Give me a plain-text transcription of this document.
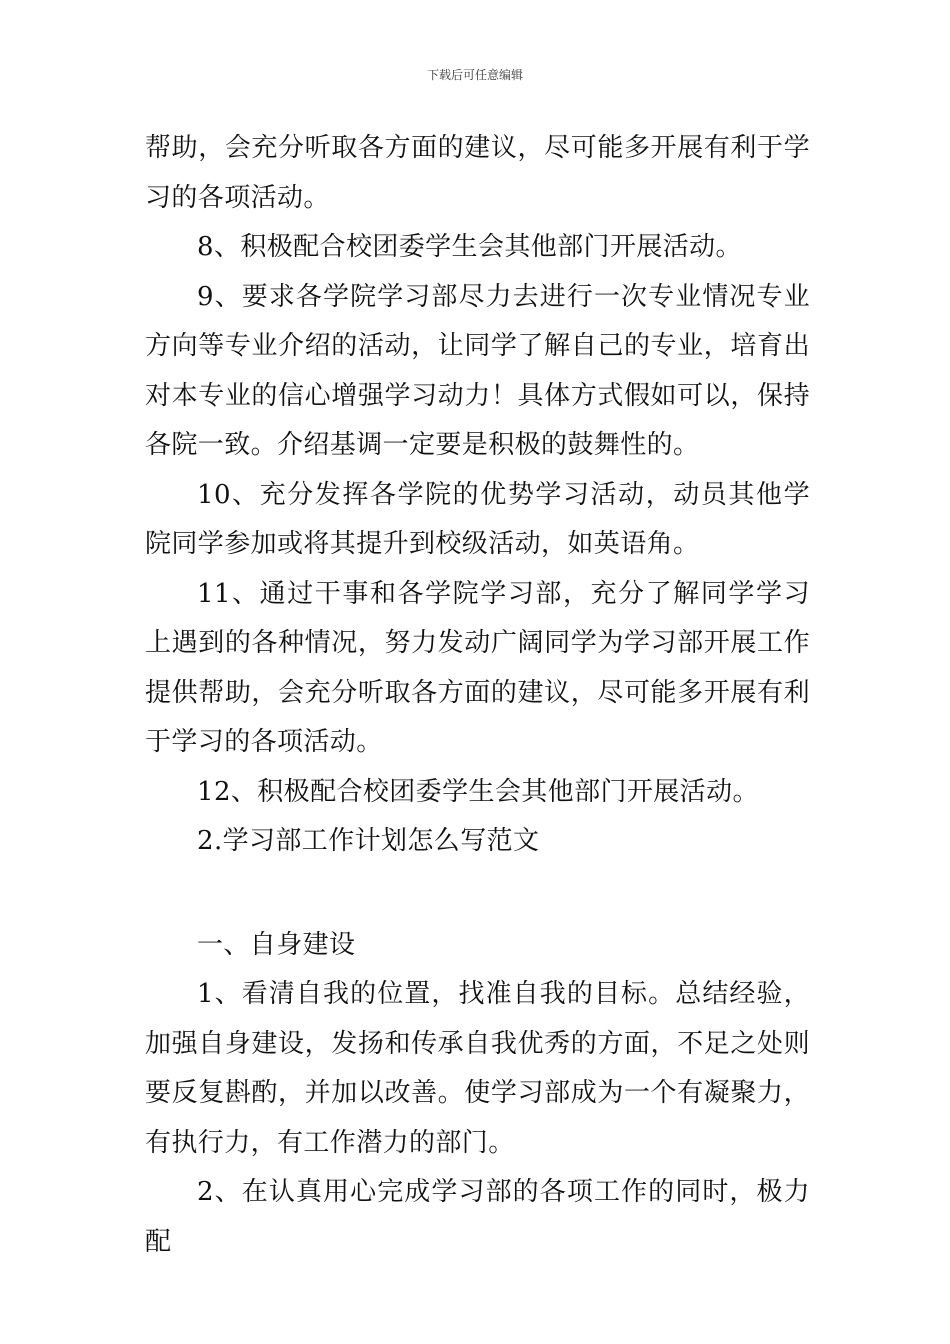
下载后可任意编辑

帮助，会充分听取各方面的建议，尽可能多开展有利于学习的各项活动。

8、积极配合校团委学生会其他部门开展活动。

9、要求各学院学习部尽力去进行一次专业情况专业方向等专业介绍的活动，让同学了解自己的专业，培育出对本专业的信心增强学习动力！具体方式假如可以，保持各院一致。介绍基调一定要是积极的鼓舞性的。

10、充分发挥各学院的优势学习活动，动员其他学院同学参加或将其提升到校级活动，如英语角。

11、通过干事和各学院学习部，充分了解同学学习上遇到的各种情况，努力发动广阔同学为学习部开展工作提供帮助，会充分听取各方面的建议，尽可能多开展有利于学习的各项活动。

12、积极配合校团委学生会其他部门开展活动。

2.学习部工作计划怎么写范文

一、自身建设

1、看清自我的位置，找准自我的目标。总结经验，加强自身建设，发扬和传承自我优秀的方面，不足之处则要反复斟酌，并加以改善。使学习部成为一个有凝聚力，有执行力，有工作潜力的部门。

2、在认真用心完成学习部的各项工作的同时，极力配
